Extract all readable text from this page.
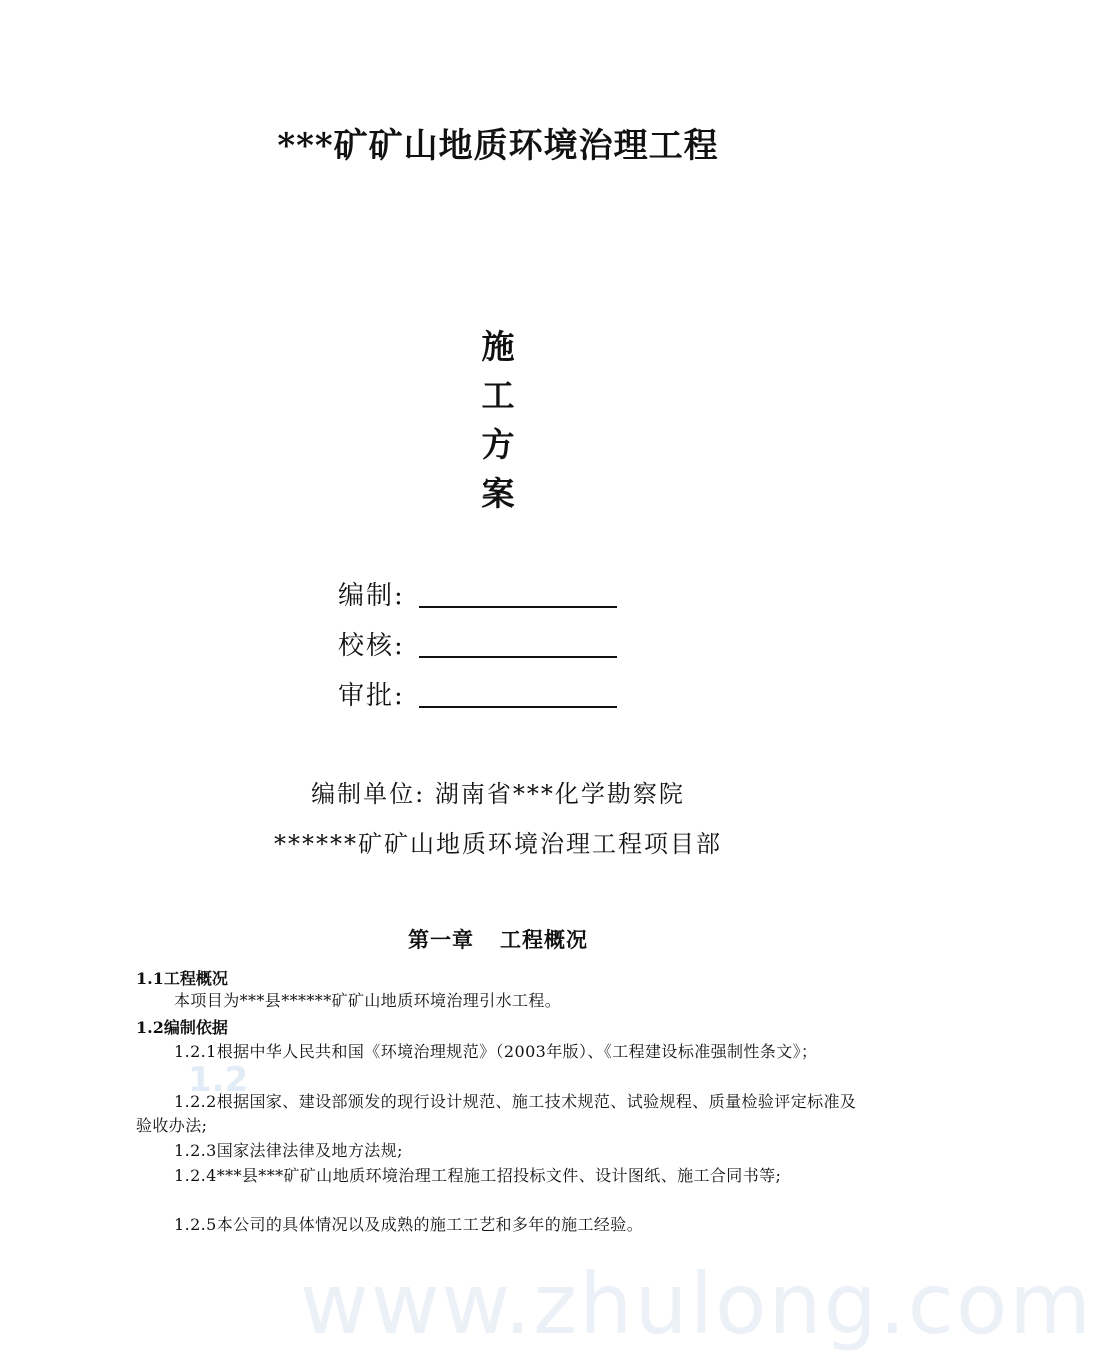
***矿矿山地质环境治理工程
施
工
方
案
编制:
校核:
审批:
编制单位: 湖南省***化学勘察院
******矿矿山地质环境治理工程项目部
第一章 工程概况
1.1工程概况
本项目为***县******矿矿山地质环境治理引水工程。
1.2编制依据
1.2.1根据中华人民共和国《环境治理规范》（2003年版）、《工程建设标准强制性条文》；
1.2.2根据国家、建设部颁发的现行设计规范、施工技术规范、试验规程、质量检验评定标准及验收办法;
1.2.3国家法律法律及地方法规;
1.2.4***县***矿矿山地质环境治理工程施工招投标文件、设计图纸、施工合同书等;
1.2.5本公司的具体情况以及成熟的施工工艺和多年的施工经验。
1.2
www.zhulong.com
